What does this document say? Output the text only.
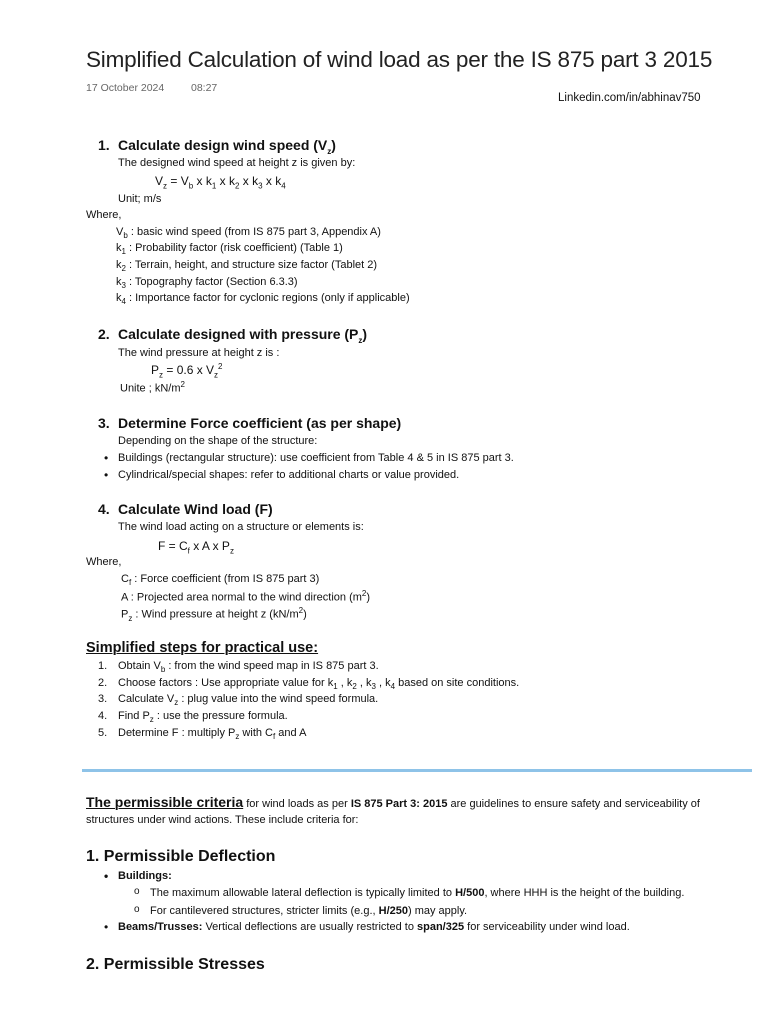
Simplified Calculation of wind load as per the IS 875 part 3 2015
17 October 2024	08:27
Linkedin.com/in/abhinav750
1. Calculate design wind speed $(V_z)$
The designed wind speed at height z is given by:
$V_z = V_b$ x $k_1$ x $k_2$ x $k_3$ x $k_4$
Unit; m/s
Where,
$V_b$ : basic wind speed (from IS 875 part 3, Appendix A)
$k_1$ : Probability factor (risk coefficient) (Table 1)
$k_2$ : Terrain, height, and structure size factor (Tablet 2)
$k_3$ : Topography factor (Section 6.3.3)
$k_4$ : Importance factor for cyclonic regions (only if applicable)
2. Calculate designed with pressure $(P_z)$
The wind pressure at height z is :
$P_z = 0.6$ x $V_z^2$
Unite ; $kN/m^2$
3. Determine Force coefficient (as per shape)
Depending on the shape of the structure:
• Buildings (rectangular structure): use coefficient from Table 4 & 5 in IS 875 part 3.
• Cylindrical/special shapes: refer to additional charts or value provided.
4. Calculate Wind load (F)
The wind load acting on a structure or elements is:
$F = C_f$ x A x $P_z$
Where,
$C_f$ : Force coefficient (from IS 875 part 3)
A : Projected area normal to the wind direction $(m^2)$
$P_z$ : Wind pressure at height z $(kN/m^2)$
Simplified steps for practical use:
1. Obtain $V_b$ : from the wind speed map in IS 875 part 3.
2. Choose factors : Use appropriate value for $k_1$ , $k_2$ , $k_3$ , $k_4$ based on site conditions.
3. Calculate $V_z$ : plug value into the wind speed formula.
4. Find $P_z$ : use the pressure formula.
5. Determine F : multiply $P_z$ with $C_f$ and A
The permissible criteria for wind loads as per IS 875 Part 3: 2015 are guidelines to ensure safety and serviceability of
structures under wind actions. These include criteria for:
1. Permissible Deflection
• Buildings:
o The maximum allowable lateral deflection is typically limited to H/500, where HHH is the height of the building.
o For cantilevered structures, stricter limits (e.g., H/250) may apply.
• Beams/Trusses: Vertical deflections are usually restricted to span/325 for serviceability under wind load.
2. Permissible Stresses
